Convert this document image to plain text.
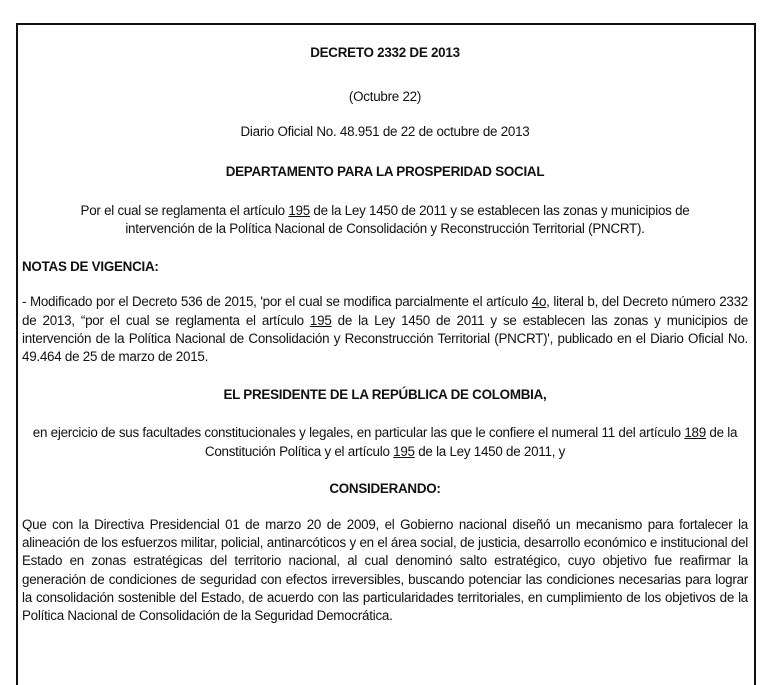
DECRETO 2332 DE 2013

(Octubre 22)

Diario Oficial No. 48.951 de 22 de octubre de 2013

DEPARTAMENTO PARA LA PROSPERIDAD SOCIAL

Por el cual se reglamenta el artículo 195 de la Ley 1450 de 2011 y se establecen las zonas y municipios de intervención de la Política Nacional de Consolidación y Reconstrucción Territorial (PNCRT).

NOTAS DE VIGENCIA:

- Modificado por el Decreto 536 de 2015, 'por el cual se modifica parcialmente el artículo 4o, literal b, del Decreto número 2332 de 2013, “por el cual se reglamenta el artículo 195 de la Ley 1450 de 2011 y se establecen las zonas y municipios de intervención de la Política Nacional de Consolidación y Reconstrucción Territorial (PNCRT)', publicado en el Diario Oficial No. 49.464 de 25 de marzo de 2015.

EL PRESIDENTE DE LA REPÚBLICA DE COLOMBIA,

en ejercicio de sus facultades constitucionales y legales, en particular las que le confiere el numeral 11 del artículo 189 de la Constitución Política y el artículo 195 de la Ley 1450 de 2011, y

CONSIDERANDO:

Que con la Directiva Presidencial 01 de marzo 20 de 2009, el Gobierno nacional diseñó un mecanismo para fortalecer la alineación de los esfuerzos militar, policial, antinarcóticos y en el área social, de justicia, desarrollo económico e institucional del Estado en zonas estratégicas del territorio nacional, al cual denominó salto estratégico, cuyo objetivo fue reafirmar la generación de condiciones de seguridad con efectos irreversibles, buscando potenciar las condiciones necesarias para lograr la consolidación sostenible del Estado, de acuerdo con las particularidades territoriales, en cumplimiento de los objetivos de la Política Nacional de Consolidación de la Seguridad Democrática.
